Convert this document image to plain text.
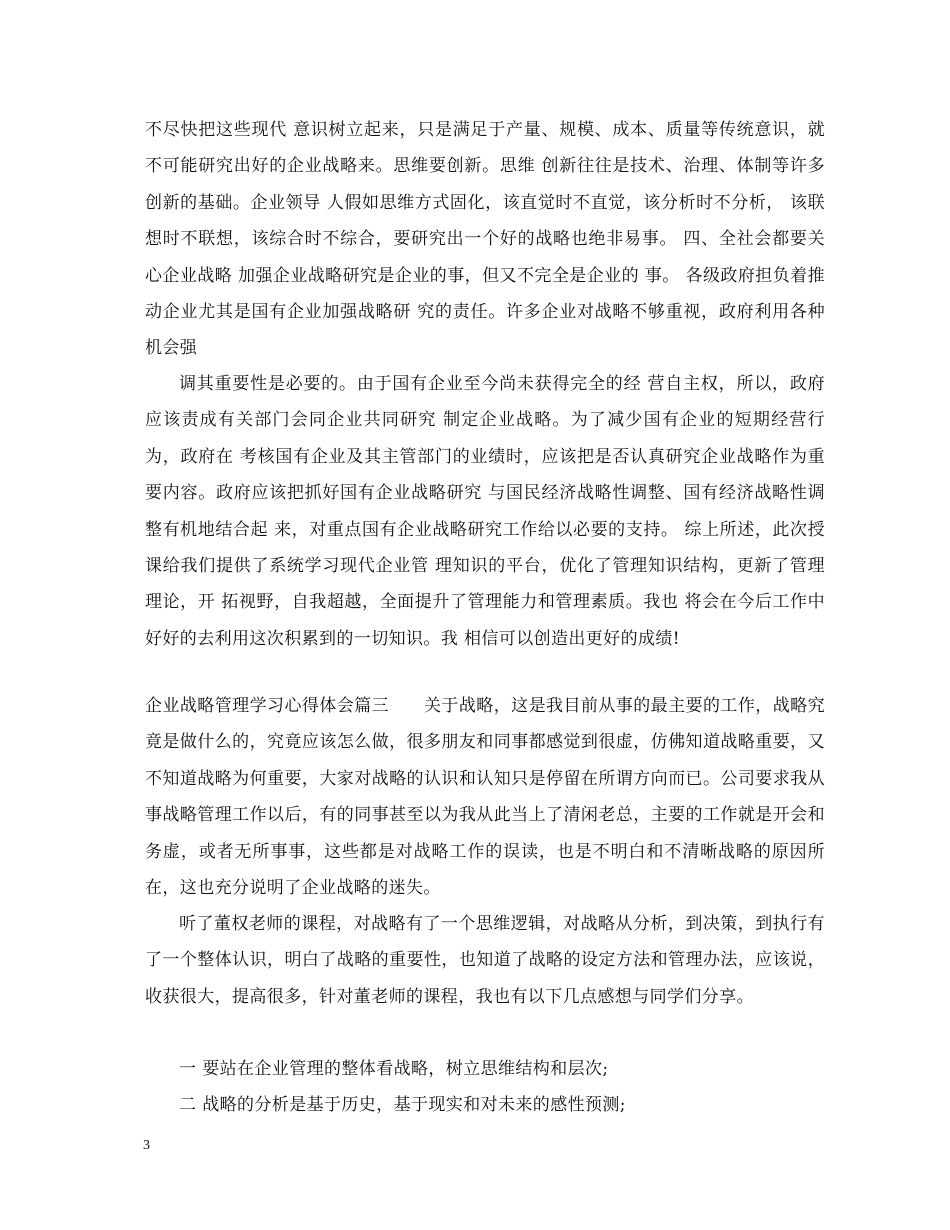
不尽快把这些现代 意识树立起来，只是满足于产量、规模、成本、质量等传统意识，就不可能研究出好的企业战略来。思维要创新。思维 创新往往是技术、治理、体制等许多创新的基础。企业领导 人假如思维方式固化，该直觉时不直觉，该分析时不分析， 该联想时不联想，该综合时不综合，要研究出一个好的战略也绝非易事。 四、全社会都要关心企业战略 加强企业战略研究是企业的事，但又不完全是企业的 事。 各级政府担负着推动企业尤其是国有企业加强战略研 究的责任。许多企业对战略不够重视，政府利用各种机会强

调其重要性是必要的。由于国有企业至今尚未获得完全的经 营自主权，所以，政府应该责成有关部门会同企业共同研究 制定企业战略。为了减少国有企业的短期经营行为，政府在 考核国有企业及其主管部门的业绩时，应该把是否认真研究企业战略作为重要内容。政府应该把抓好国有企业战略研究 与国民经济战略性调整、国有经济战略性调整有机地结合起 来，对重点国有企业战略研究工作给以必要的支持。 综上所述，此次授课给我们提供了系统学习现代企业管 理知识的平台，优化了管理知识结构，更新了管理理论，开 拓视野，自我超越，全面提升了管理能力和管理素质。我也 将会在今后工作中好好的去利用这次积累到的一切知识。我 相信可以创造出更好的成绩!

企业战略管理学习心得体会篇三　　关于战略，这是我目前从事的最主要的工作，战略究竟是做什么的，究竟应该怎么做，很多朋友和同事都感觉到很虚，仿佛知道战略重要，又不知道战略为何重要，大家对战略的认识和认知只是停留在所谓方向而已。公司要求我从事战略管理工作以后，有的同事甚至以为我从此当上了清闲老总，主要的工作就是开会和务虚，或者无所事事，这些都是对战略工作的误读，也是不明白和不清晰战略的原因所在，这也充分说明了企业战略的迷失。

听了董权老师的课程，对战略有了一个思维逻辑，对战略从分析，到决策，到执行有了一个整体认识，明白了战略的重要性，也知道了战略的设定方法和管理办法，应该说，收获很大，提高很多，针对董老师的课程，我也有以下几点感想与同学们分享。

一 要站在企业管理的整体看战略，树立思维结构和层次;

二 战略的分析是基于历史，基于现实和对未来的感性预测;

3
